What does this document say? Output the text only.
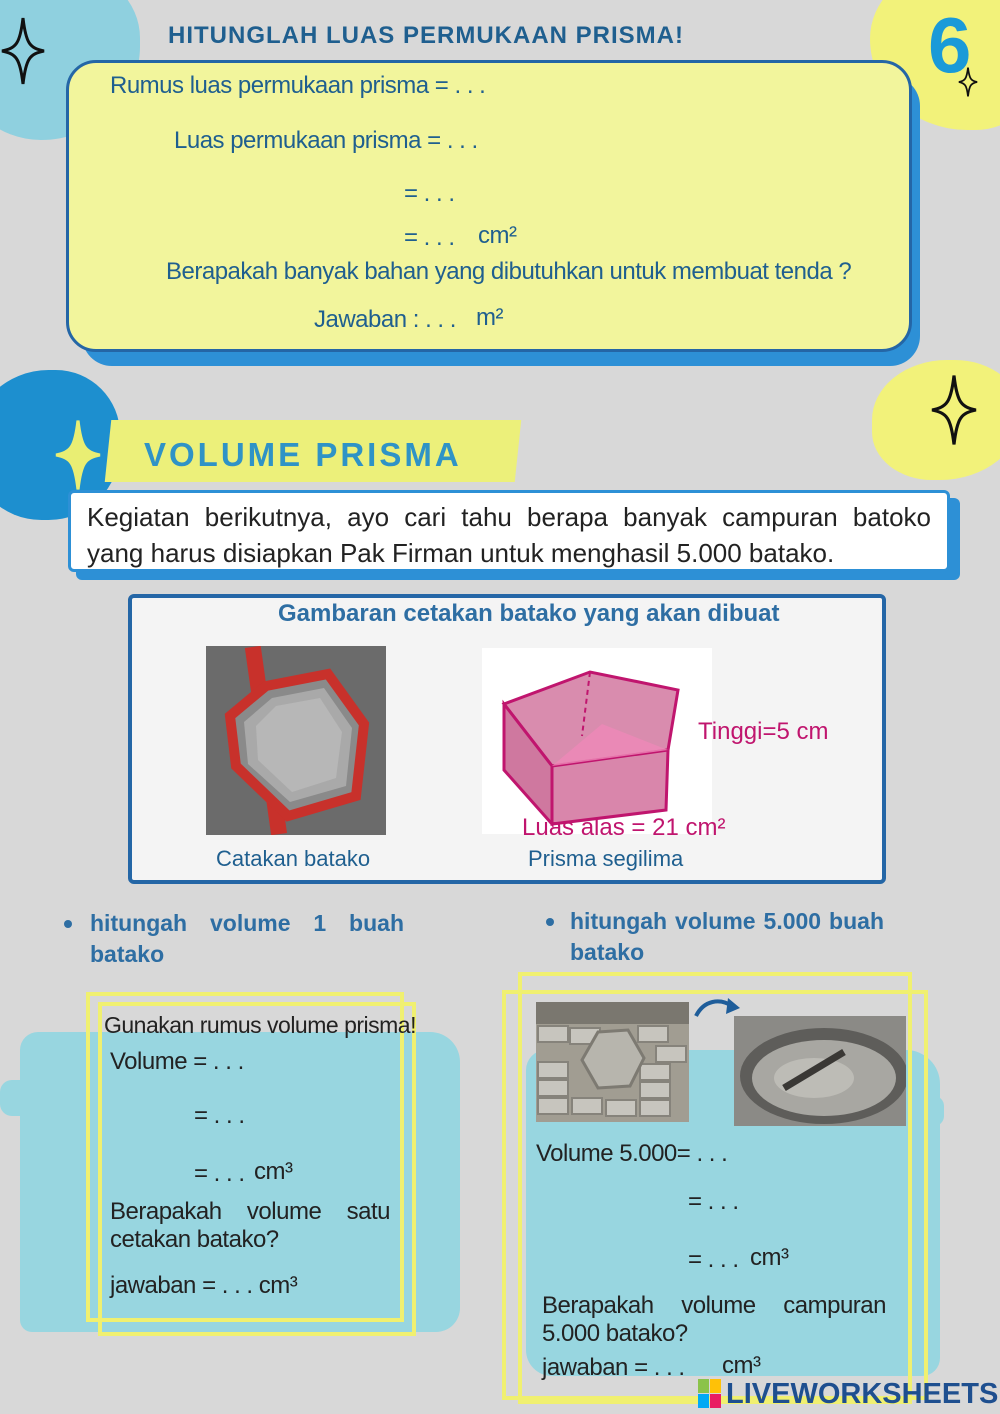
6
HITUNGLAH LUAS PERMUKAAN PRISMA!
Rumus luas permukaan prisma = . . .
Luas permukaan prisma = . . .
= . . .
= . . . cm²
Berapakah banyak bahan yang dibutuhkan untuk membuat tenda ?
Jawaban : . . . m²
VOLUME PRISMA
Kegiatan berikutnya, ayo cari tahu berapa banyak campuran batoko yang harus disiapkan Pak Firman untuk menghasil 5.000 batako.
Gambaran cetakan batako yang akan dibuat
Tinggi=5 cm
Luas alas = 21 cm²
Catakan batako	Prisma segilima
hitungah volume 1 buah batako
Gunakan rumus volume prisma!
Volume = . . .
= . . .
= . . . cm³
Berapakah volume satu cetakan batako?
jawaban = . . . cm³
hitungah volume 5.000 buah batako
Volume 5.000= . . .
= . . .
= . . . cm³
Berapakah volume campuran 5.000 batako?
jawaban = . . . cm³
LIVEWORKSHEETS
